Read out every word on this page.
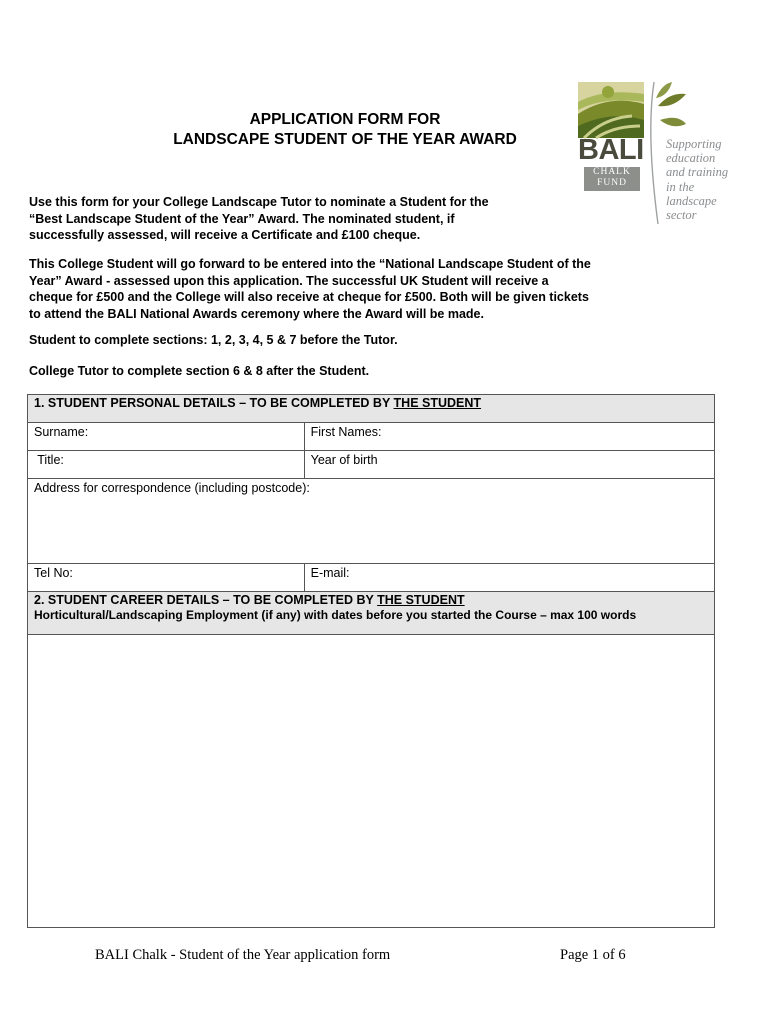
APPLICATION FORM FOR
LANDSCAPE STUDENT OF THE YEAR AWARD	BALI
CHALK
FUND
Supporting
education
and training
in the
landscape
sector
Use this form for your College Landscape Tutor to nominate a Student for the
“Best Landscape Student of the Year” Award. The nominated student, if
successfully assessed, will receive a Certificate and £100 cheque.
This College Student will go forward to be entered into the “National Landscape Student of the
Year” Award - assessed upon this application. The successful UK Student will receive a
cheque for £500 and the College will also receive at cheque for £500. Both will be given tickets
to attend the BALI National Awards ceremony where the Award will be made.
Student to complete sections: 1, 2, 3, 4, 5 & 7 before the Tutor.
College Tutor to complete section 6 & 8 after the Student.
1. STUDENT PERSONAL DETAILS – TO BE COMPLETED BY THE STUDENT	
Surname:	First Names:
Title:	Year of birth
Address for correspondence (including postcode):	
Tel No:	E-mail:

2. STUDENT CAREER DETAILS – TO BE COMPLETED BY THE STUDENT
Horticultural/Landscaping Employment (if any) with dates before you started the Course – max 100 words	

BALI Chalk - Student of the Year application form	Page 1 of 6
